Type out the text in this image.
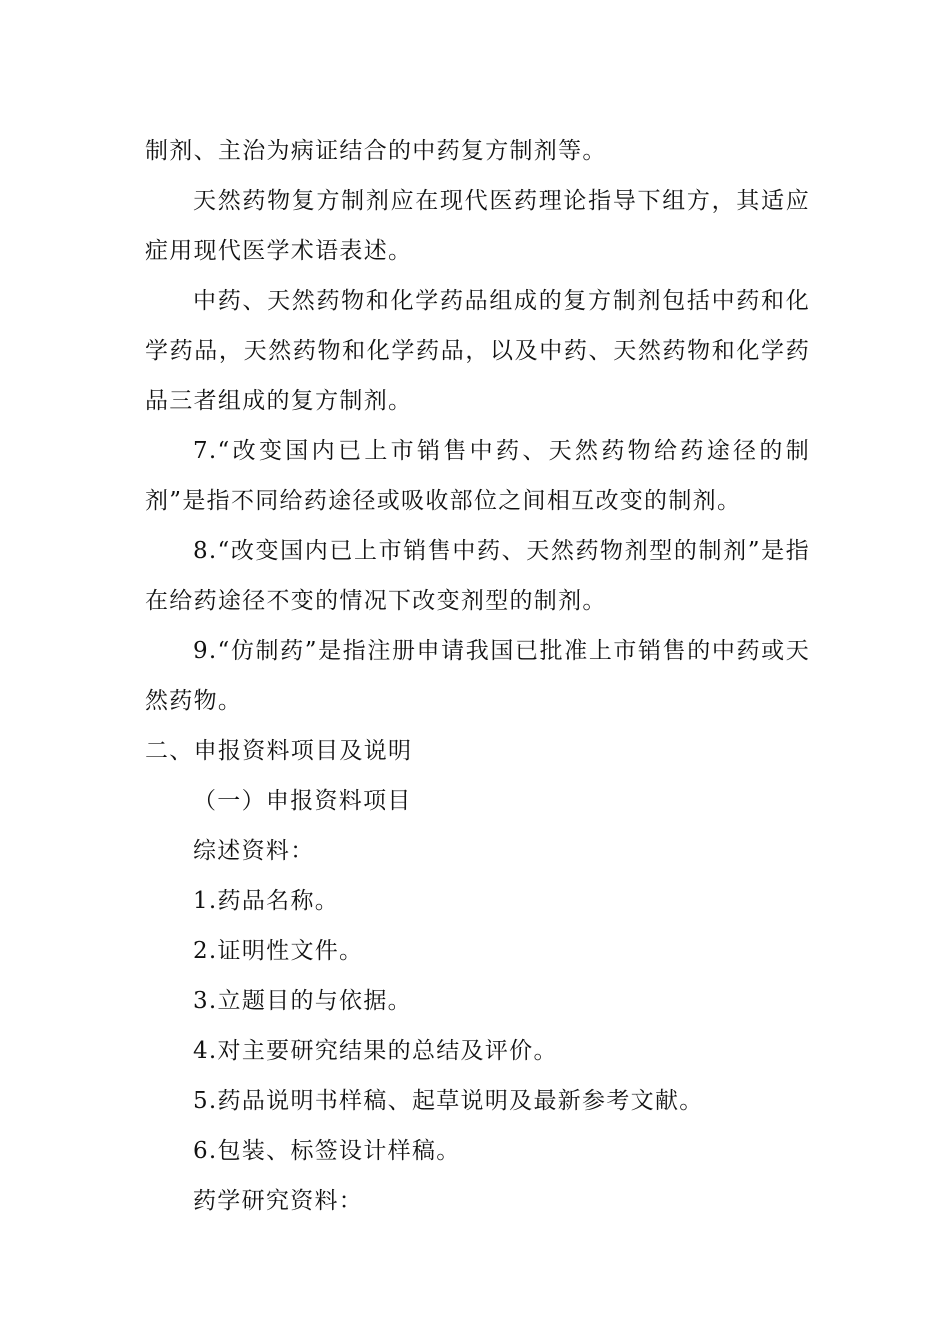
制剂、主治为病证结合的中药复方制剂等。

天然药物复方制剂应在现代医药理论指导下组方，其适应症用现代医学术语表述。

中药、天然药物和化学药品组成的复方制剂包括中药和化学药品，天然药物和化学药品，以及中药、天然药物和化学药品三者组成的复方制剂。

7.“改变国内已上市销售中药、天然药物给药途径的制剂”是指不同给药途径或吸收部位之间相互改变的制剂。

8.“改变国内已上市销售中药、天然药物剂型的制剂”是指在给药途径不变的情况下改变剂型的制剂。

9.“仿制药”是指注册申请我国已批准上市销售的中药或天然药物。

二、申报资料项目及说明

（一）申报资料项目

综述资料：

1.药品名称。

2.证明性文件。

3.立题目的与依据。

4.对主要研究结果的总结及评价。

5.药品说明书样稿、起草说明及最新参考文献。

6.包装、标签设计样稿。

药学研究资料：
